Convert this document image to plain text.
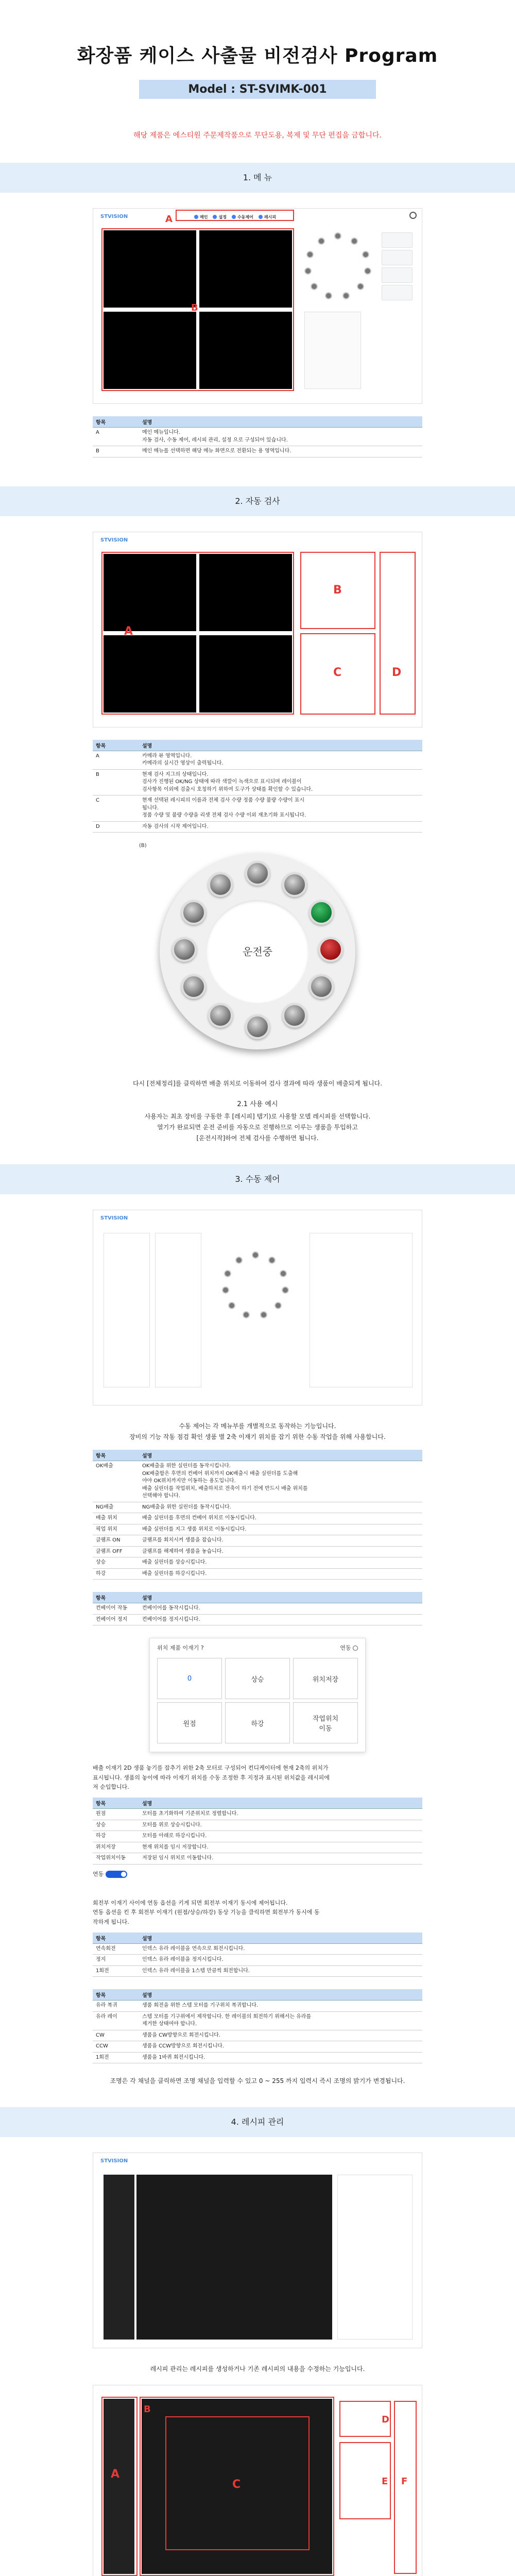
화장품 케이스 사출물 비전검사 Program
Model : ST-SVIMK-001
해당 제품은 에스티원 주문제작품으로 무단도용, 복제 및 무단 편집을 금합니다.
1. 메 뉴
STVISION	메인	설정	수동제어	레시피
A
B
항목	설명
A	메인 메뉴입니다.
자동 검사, 수동 제어, 레시피 관리, 설정 으로 구성되어 있습니다.
B	메인 메뉴를 선택하면 해당 메뉴 화면으로 전환되는 용 영역입니다.
2. 자동 검사
STVISION
A
B
C	D
항목	설명
A	카메라 뷰 영역입니다.
카메라의 실시간 영상이 출력됩니다.
B	현재 검사 지그의 상태입니다.
검사가 진행된 OK/NG 상태에 따라 색깔이 녹색으로 표시되며 레이블이
검사항목 이외에 검출시 호칭하기 위하여 도구가 상태를 확인할 수 있습니다.
C	현재 선택된 레시피의 이름과 전체 검사 수량 정품 수량 불량 수량이 표시
됩니다.
정품 수량 및 불량 수량을 리셋 전체 검사 수량 이외 재초기화 표시됩니다.
D	자동 검사의 시작 제어입니다.
(B)
운전중
다시 [전체정리]를 클릭하면 배출 위치로 이동하여 검사 결과에 따라 생품이 배출되게 됩니다.
2.1 사용 예시
사용자는 최초 장비를 구동한 후 [레시피] 탭기)로 사용할 모델 레시피를 선택합니다.
열기가 완료되면 운전 준비를 자동으로 진행하므로 이루는 생품을 투입하고
[운전시작]하여 전체 검사를 수행하면 됩니다.
3. 수동 제어
STVISION
수동 제어는 각 메뉴부를 개별적으로 동작하는 기능입니다.
장비의 기능 작동 점검 확인 생품 별 2축 이재기 위치를 잡기 위한 수동 작업을 위해 사용합니다.
항목	설명
OK배출	OK배출을 위한 실린더를 동작시킵니다.
OK배출함은 후면의 컨베어 위치까지 OK배출시 배출 실린더를 도출해
야야 OK위치까지만 이동하는 용도입니다.
배출 실린더를 작업위치, 배출하치로 전축이 하기 전에 반드시 배출 위치를
선택해야 합니다.
NG배출	NG배출을 위한 실린더를 동작시킵니다.
배출 위치	배출 실린더를 후면의 컨베어 위치로 이동시킵니다.
픽업 위치	배출 실린더를 지그 생품 위치로 이동시킵니다.
클램프 ON	클램프를 회치시켜 생품을 잡습니다.
클램프 OFF	클램프를 해제하여 생품을 놓습니다.
상승	배출 실린더를 상승시킵니다.
하강	배출 실린더를 하강시킵니다.
항목	설명
컨베이어 작동	컨베이어를 동작시킵니다.
컨베이어 정지	컨베이어를 정지시킵니다.
위치 제품 이재기 ?	연동
0	상승	위치저장
원점	하강
작업위치
이동
배출 이재기 2D 생품 놓기를 잡추기 위한 2축 모터로 구성되어 컨디케이터에 현재 2축의 위치가
표시됩니다. 생품의 놓이에 따라 이재기 위치를 수동 조정한 후 지정과 표시된 위치값을 레시피에
저 순입합니다.
항목	설명
원점	모터를 초기화하여 기준위치로 정렬합니다.
상승	모터를 위로 상승시킵니다.
하강	모터를 아래로 하강시킵니다.
위치저장	현재 위치를 임시 저장합니다.
작업위치이동	저장된 임시 위치로 이동합니다.
연동
회전부 이재기 사이에 연동 옵션을 키게 되면 회전부 이재기 동시에 제어됩니다.
연동 옵션을 킨 후 회전부 이재기 (원점/상승/하강) 동상 기능을 클릭하면 회전부가 동시에 동
작하게 됩니다.
항목	설명
연속회전	인덱스 유라 레이블을 연속으로 회전시킵니다.
정지	인덱스 유라 레이블을 정지시킵니다.
1회전	인덱스 유라 레이블을 1스텝 만큼씩 회전합니다.
항목	설명
유라 복귀	생품 회전을 위한 스텝 모터를 기구위치 복귀합니다.
유라 레이	스텝 모터를 기구위에서 제작합니다. 한 레이블의 회전하기 위해서는 유라를
제거한 상태여야 합니다.
CW	생품을 CW방향으로 회전시킵니다.
CCW	생품을 CCW방향으로 회전시킵니다.
1회전	생품을 1바퀴 회전시킵니다.
조명은 각 채널을 클릭하면 조명 채널을 입력할 수 있고 0 ~ 255 까지 입력시 즉시 조명의 밝기가 변경됩니다.
4. 레시피 관리
STVISION
레시피 관리는 레시피를 생성하거나 기존 레시피의 내용을 수정하는 기능입니다.
A
B
C
D
E F
